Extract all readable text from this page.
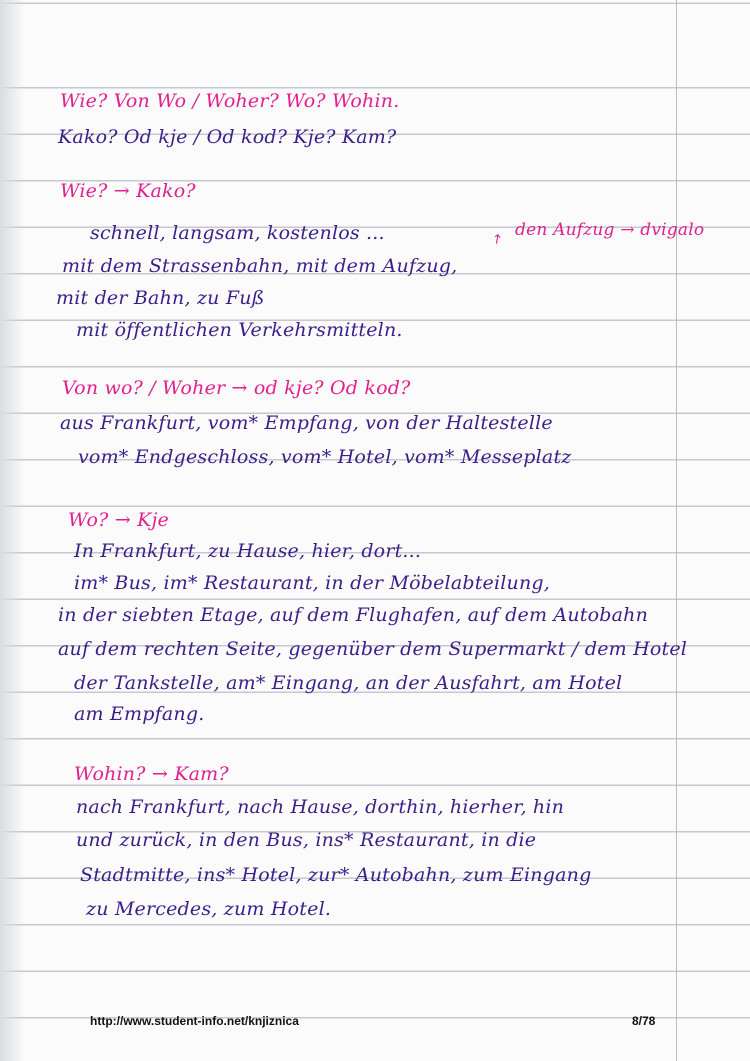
Wie? Von Wo / Woher? Wo? Wohin.
Kako? Od kje / Od kod? Kje? Kam?
Wie? → Kako?
den Aufzug → dvigalo
↗
schnell, langsam, kostenlos ...
mit dem Strassenbahn, mit dem Aufzug,
mit der Bahn, zu Fuß
mit öffentlichen Verkehrsmitteln.
Von wo? / Woher → od kje? Od kod?
aus Frankfurt, vom* Empfang, von der Haltestelle
vom* Endgeschloss, vom* Hotel, vom* Messeplatz
Wo? → Kje
In Frankfurt, zu Hause, hier, dort...
im* Bus, im* Restaurant, in der Möbelabteilung,
in der siebten Etage, auf dem Flughafen, auf dem Autobahn
auf dem rechten Seite, gegenüber dem Supermarkt / dem Hotel
der Tankstelle, am* Eingang, an der Ausfahrt, am Hotel
am Empfang.
Wohin? → Kam?
nach Frankfurt, nach Hause, dorthin, hierher, hin
und zurück, in den Bus, ins* Restaurant, in die
Stadtmitte, ins* Hotel, zur* Autobahn, zum Eingang
zu Mercedes, zum Hotel.
http://www.student-info.net/knjiznica	8/78
